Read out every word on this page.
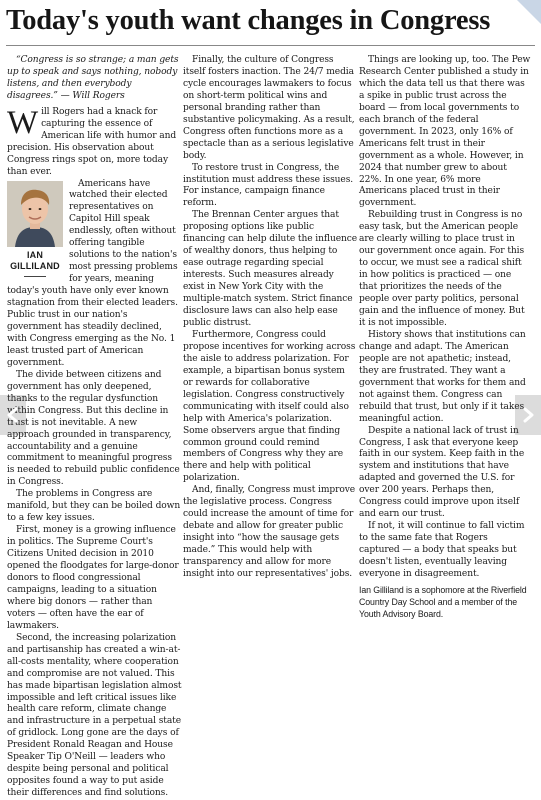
Today's youth want changes in Congress

“Congress is so strange; a man gets up to speak and says nothing, nobody listens, and then everybody disagrees.” — Will Rogers

Will Rogers had a knack for capturing the essence of American life with humor and precision. His observation about Congress rings spot on, more today than ever.

IAN
GILLILAND

Americans have watched their elected representatives on Capitol Hill speak endlessly, often without offering tangible solutions to the nation's most pressing problems for years, meaning today's youth have only ever known stagnation from their elected leaders. Public trust in our nation's government has steadily declined, with Congress emerging as the No. 1 least trusted part of American government.

The divide between citizens and government has only deepened, thanks to the regular dysfunction within Congress. But this decline in trust is not inevitable. A new approach grounded in transparency, accountability and a genuine commitment to meaningful progress is needed to rebuild public confidence in Congress.

The problems in Congress are manifold, but they can be boiled down to a few key issues.

First, money is a growing influence in politics. The Supreme Court's Citizens United decision in 2010 opened the floodgates for large-donor donors to flood congressional campaigns, leading to a situation where big donors — rather than voters — often have the ear of lawmakers.

Second, the increasing polarization and partisanship has created a win-at-all-costs mentality, where cooperation and compromise are not valued. This has made bipartisan legislation almost impossible and left critical issues like health care reform, climate change and infrastructure in a perpetual state of gridlock. Long gone are the days of President Ronald Reagan and House Speaker Tip O'Neill — leaders who despite being personal and political opposites found a way to put aside their differences and find solutions.

Finally, the culture of Congress itself fosters inaction. The 24/7 media cycle encourages lawmakers to focus on short-term political wins and personal branding rather than substantive policymaking. As a result, Congress often functions more as a spectacle than as a serious legislative body.

To restore trust in Congress, the institution must address these issues. For instance, campaign finance reform.

The Brennan Center argues that proposing options like public financing can help dilute the influence of wealthy donors, thus helping to ease outrage regarding special interests. Such measures already exist in New York City with the multiple-match system. Strict finance disclosure laws can also help ease public distrust.

Furthermore, Congress could propose incentives for working across the aisle to address polarization. For example, a bipartisan bonus system or rewards for collaborative legislation. Congress constructively communicating with itself could also help with America's polarization. Some observers argue that finding common ground could remind members of Congress why they are there and help with political polarization.

And, finally, Congress must improve the legislative process. Congress could increase the amount of time for debate and allow for greater public insight into “how the sausage gets made.” This would help with transparency and allow for more insight into our representatives' jobs.

Things are looking up, too. The Pew Research Center published a study in which the data tell us that there was a spike in public trust across the board — from local governments to each branch of the federal government. In 2023, only 16% of Americans felt trust in their government as a whole. However, in 2024 that number grew to about 22%. In one year, 6% more Americans placed trust in their government.

Rebuilding trust in Congress is no easy task, but the American people are clearly willing to place trust in our government once again. For this to occur, we must see a radical shift in how politics is practiced — one that prioritizes the needs of the people over party politics, personal gain and the influence of money. But it is not impossible.

History shows that institutions can change and adapt. The American people are not apathetic; instead, they are frustrated. They want a government that works for them and not against them. Congress can rebuild that trust, but only if it takes meaningful action.

Despite a national lack of trust in Congress, I ask that everyone keep faith in our system. Keep faith in the system and institutions that have adapted and governed the U.S. for over 200 years. Perhaps then, Congress could improve upon itself and earn our trust.

If not, it will continue to fall victim to the same fate that Rogers captured — a body that speaks but doesn't listen, eventually leaving everyone in disagreement.

Ian Gilliland is a sophomore at the Riverfield Country Day School and a member of the Youth Advisory Board.
